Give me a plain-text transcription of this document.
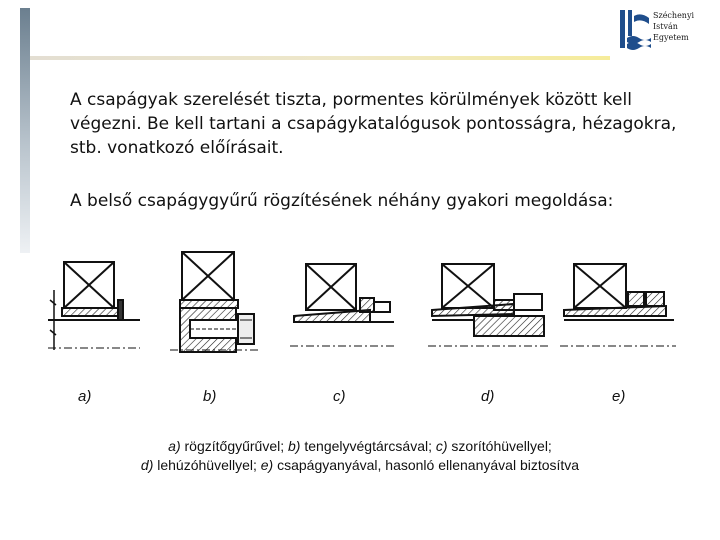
Széchenyi
István
Egyetem

A csapágyak szerelését tiszta, pormentes körülmények között kell végezni. Be kell tartani a csapágykatalógusok pontosságra, hézagokra, stb. vonatkozó előírásait.

A belső csapágygyűrű rögzítésének néhány gyakori megoldása:

a)	b)	c)	d)	e)
a) rögzítőgyűrűvel; b) tengelyvégtárcsával; c) szorítóhüvellyel;
d) lehúzóhüvellyel; e) csapágyanyával, hasonló ellenanyával biztosítva
